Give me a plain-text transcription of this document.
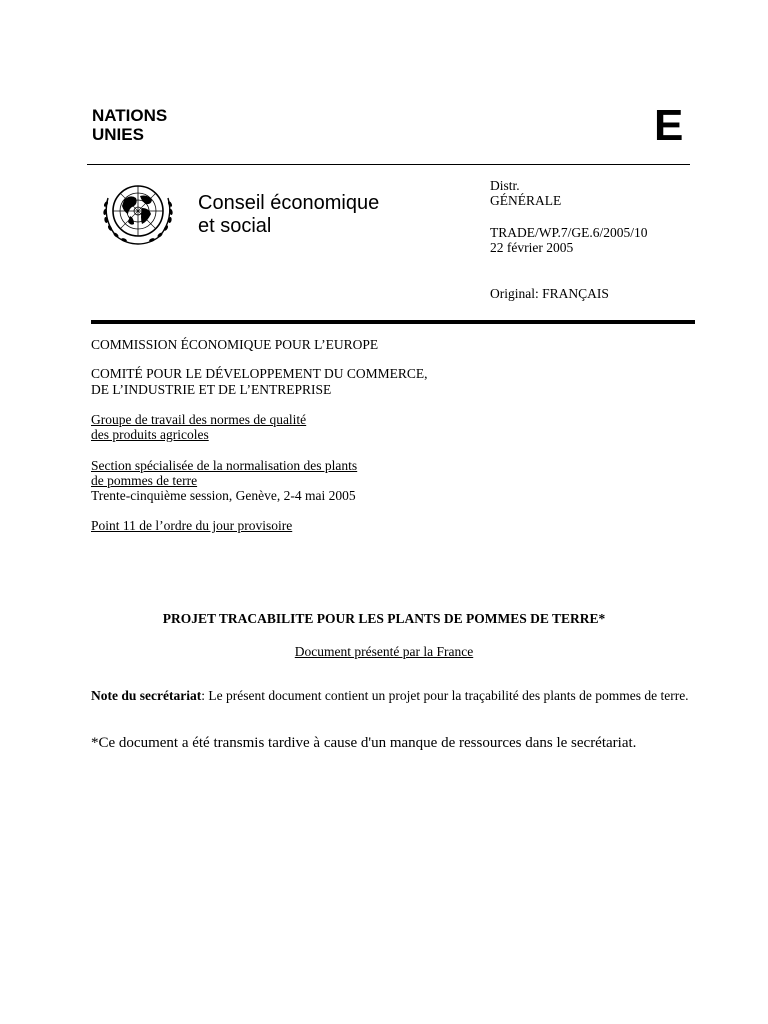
NATIONS
UNIES	E
Conseil économique
et social
Distr.
GÉNÉRALE
TRADE/WP.7/GE.6/2005/10
22 février 2005
Original: FRANÇAIS
COMMISSION ÉCONOMIQUE POUR L’EUROPE
COMITÉ POUR LE DÉVELOPPEMENT DU COMMERCE,
DE L’INDUSTRIE ET DE L’ENTREPRISE
Groupe de travail des normes de qualité
des produits agricoles
Section spécialisée de la normalisation des plants
de pommes de terre
Trente-cinquième session, Genève, 2-4 mai 2005
Point 11 de l’ordre du jour provisoire
PROJET TRACABILITE POUR LES PLANTS DE POMMES DE TERRE*
Document présenté par la France
Note du secrétariat: Le présent document contient un projet pour la traçabilité des plants de pommes de terre.
*Ce document a été transmis tardive à cause d'un manque de ressources dans le secrétariat.
